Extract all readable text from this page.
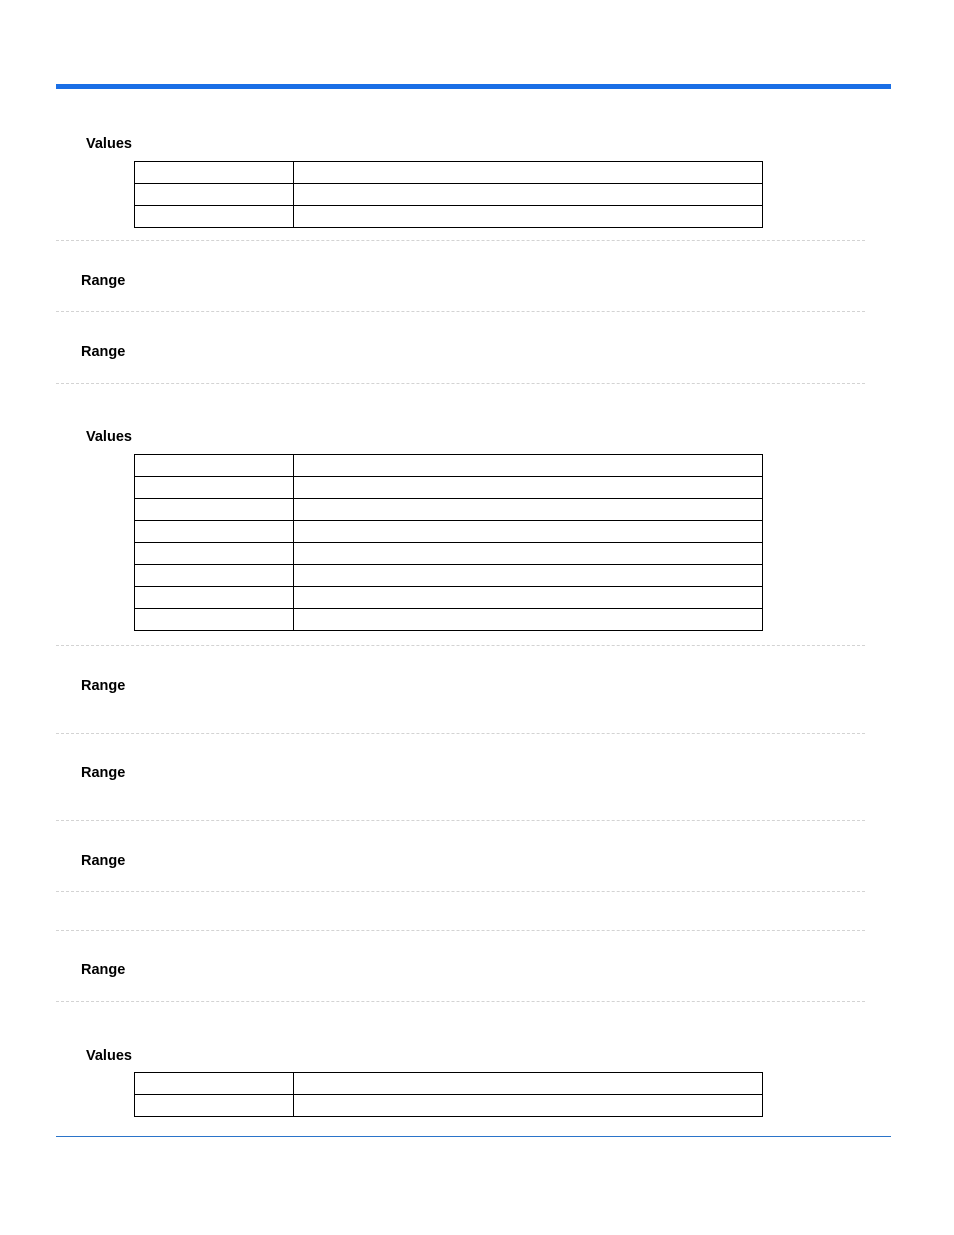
Values

Range
Range
Values

Range
Range
Range
Range
Values
